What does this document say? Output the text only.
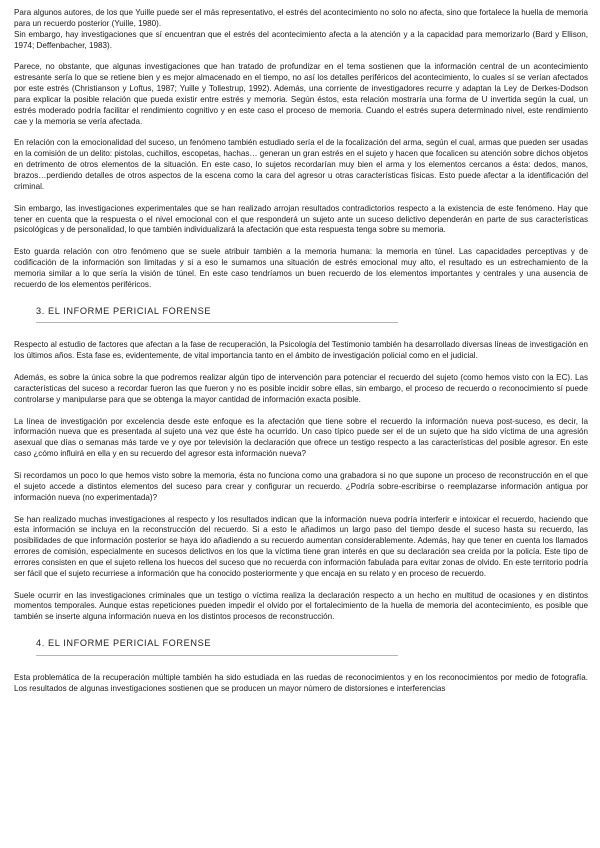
Para algunos autores, de los que Yuille puede ser el más representativo, el estrés del acontecimiento no solo no afecta, sino que fortalece la huella de memoria para un recuerdo posterior (Yuille, 1980).

Sin embargo, hay investigaciones que sí encuentran que el estrés del acontecimiento afecta a la atención y a la capacidad para memorizarlo (Bard y Ellison, 1974; Deffenbacher, 1983).

Parece, no obstante, que algunas investigaciones que han tratado de profundizar en el tema sostienen que la información central de un acontecimiento estresante sería lo que se retiene bien y es mejor almacenado en el tiempo, no así los detalles periféricos del acontecimiento, lo cuales sí se verían afectados por este estrés (Christianson y Loftus, 1987; Yuille y Tollestrup, 1992). Además, una corriente de investigadores recurre y adaptan la Ley de Derkes-Dodson para explicar la posible relación que pueda existir entre estrés y memoria. Según éstos, esta relación mostraría una forma de U invertida según la cual, un estrés moderado podría facilitar el rendimiento cognitivo y en este caso el proceso de memoria. Cuando el estrés supera determinado nivel, este rendimiento cae y la memoria se vería afectada.

En relación con la emocionalidad del suceso, un fenómeno también estudiado sería el de la focalización del arma, según el cual, armas que pueden ser usadas en la comisión de un delito: pistolas, cuchillos, escopetas, hachas… generan un gran estrés en el sujeto y hacen que focalicen su atención sobre dichos objetos en detrimento de otros elementos de la situación. En este caso, lo sujetos recordarían muy bien el arma y los elementos cercanos a ésta: dedos, manos, brazos…perdiendo detalles de otros aspectos de la escena como la cara del agresor u otras características físicas. Esto puede afectar a la identificación del criminal.

Sin embargo, las investigaciones experimentales que se han realizado arrojan resultados contradictorios respecto a la existencia de este fenómeno. Hay que tener en cuenta que la respuesta o el nivel emocional con el que responderá un sujeto ante un suceso delictivo dependerán en parte de sus características psicológicas y de personalidad, lo que también individualizará la afectación que esta respuesta tenga sobre su memoria.

Esto guarda relación con otro fenómeno que se suele atribuir también a la memoria humana: la memoria en túnel. Las capacidades perceptivas y de codificación de la información son limitadas y si a eso le sumamos una situación de estrés emocional muy alto, el resultado es un estrechamiento de la memoria similar a lo que sería la visión de túnel. En este caso tendríamos un buen recuerdo de los elementos importantes y centrales y una ausencia de recuerdo de los elementos periféricos.

3. EL INFORME PERICIAL FORENSE

Respecto al estudio de factores que afectan a la fase de recuperación, la Psicología del Testimonio también ha desarrollado diversas líneas de investigación en los últimos años. Esta fase es, evidentemente, de vital importancia tanto en el ámbito de investigación policial como en el judicial.

Además, es sobre la única sobre la que podremos realizar algún tipo de intervención para potenciar el recuerdo del sujeto (como hemos visto con la EC). Las características del suceso a recordar fueron las que fueron y no es posible incidir sobre ellas, sin embargo, el proceso de recuerdo o reconocimiento sí puede controlarse y manipularse para que se obtenga la mayor cantidad de información exacta posible.

La línea de investigación por excelencia desde este enfoque es la afectación que tiene sobre el recuerdo la información nueva post-suceso, es decir, la información nueva que es presentada al sujeto una vez que éste ha ocurrido. Un caso típico puede ser el de un sujeto que ha sido víctima de una agresión asexual que días o semanas más tarde ve y oye por televisión la declaración que ofrece un testigo respecto a las características del posible agresor. En este caso ¿cómo influirá en ella y en su recuerdo del agresor esta información nueva?

Si recordamos un poco lo que hemos visto sobre la memoria, ésta no funciona como una grabadora si no que supone un proceso de reconstrucción en el que el sujeto accede a distintos elementos del suceso para crear y configurar un recuerdo. ¿Podría sobre-escribirse o reemplazarse información antigua por información nueva (no experimentada)?

Se han realizado muchas investigaciones al respecto y los resultados indican que la información nueva podría interferir e intoxicar el recuerdo, haciendo que esta información se incluya en la reconstrucción del recuerdo. Si a esto le añadimos un largo paso del tiempo desde el suceso hasta su recuerdo, las posibilidades de que información posterior se haya ido añadiendo a su recuerdo aumentan considerablemente. Además, hay que tener en cuenta los llamados errores de comisión, especialmente en sucesos delictivos en los que la víctima tiene gran interés en que su declaración sea creída por la policía. Este tipo de errores consisten en que el sujeto rellena los huecos del suceso que no recuerda con información fabulada para evitar zonas de olvido. En este territorio podría ser fácil que el sujeto recurriese a información que ha conocido posteriormente y que encaja en su relato y en proceso de recuerdo.

Suele ocurrir en las investigaciones criminales que un testigo o víctima realiza la declaración respecto a un hecho en multitud de ocasiones y en distintos momentos temporales. Aunque estas repeticiones pueden impedir el olvido por el fortalecimiento de la huella de memoria del acontecimiento, es posible que también se inserte alguna información nueva en los distintos procesos de reconstrucción.

4. EL INFORME PERICIAL FORENSE

Esta problemática de la recuperación múltiple también ha sido estudiada en las ruedas de reconocimientos y en los reconocimientos por medio de fotografía. Los resultados de algunas investigaciones sostienen que se producen un mayor número de distorsiones e interferencias
